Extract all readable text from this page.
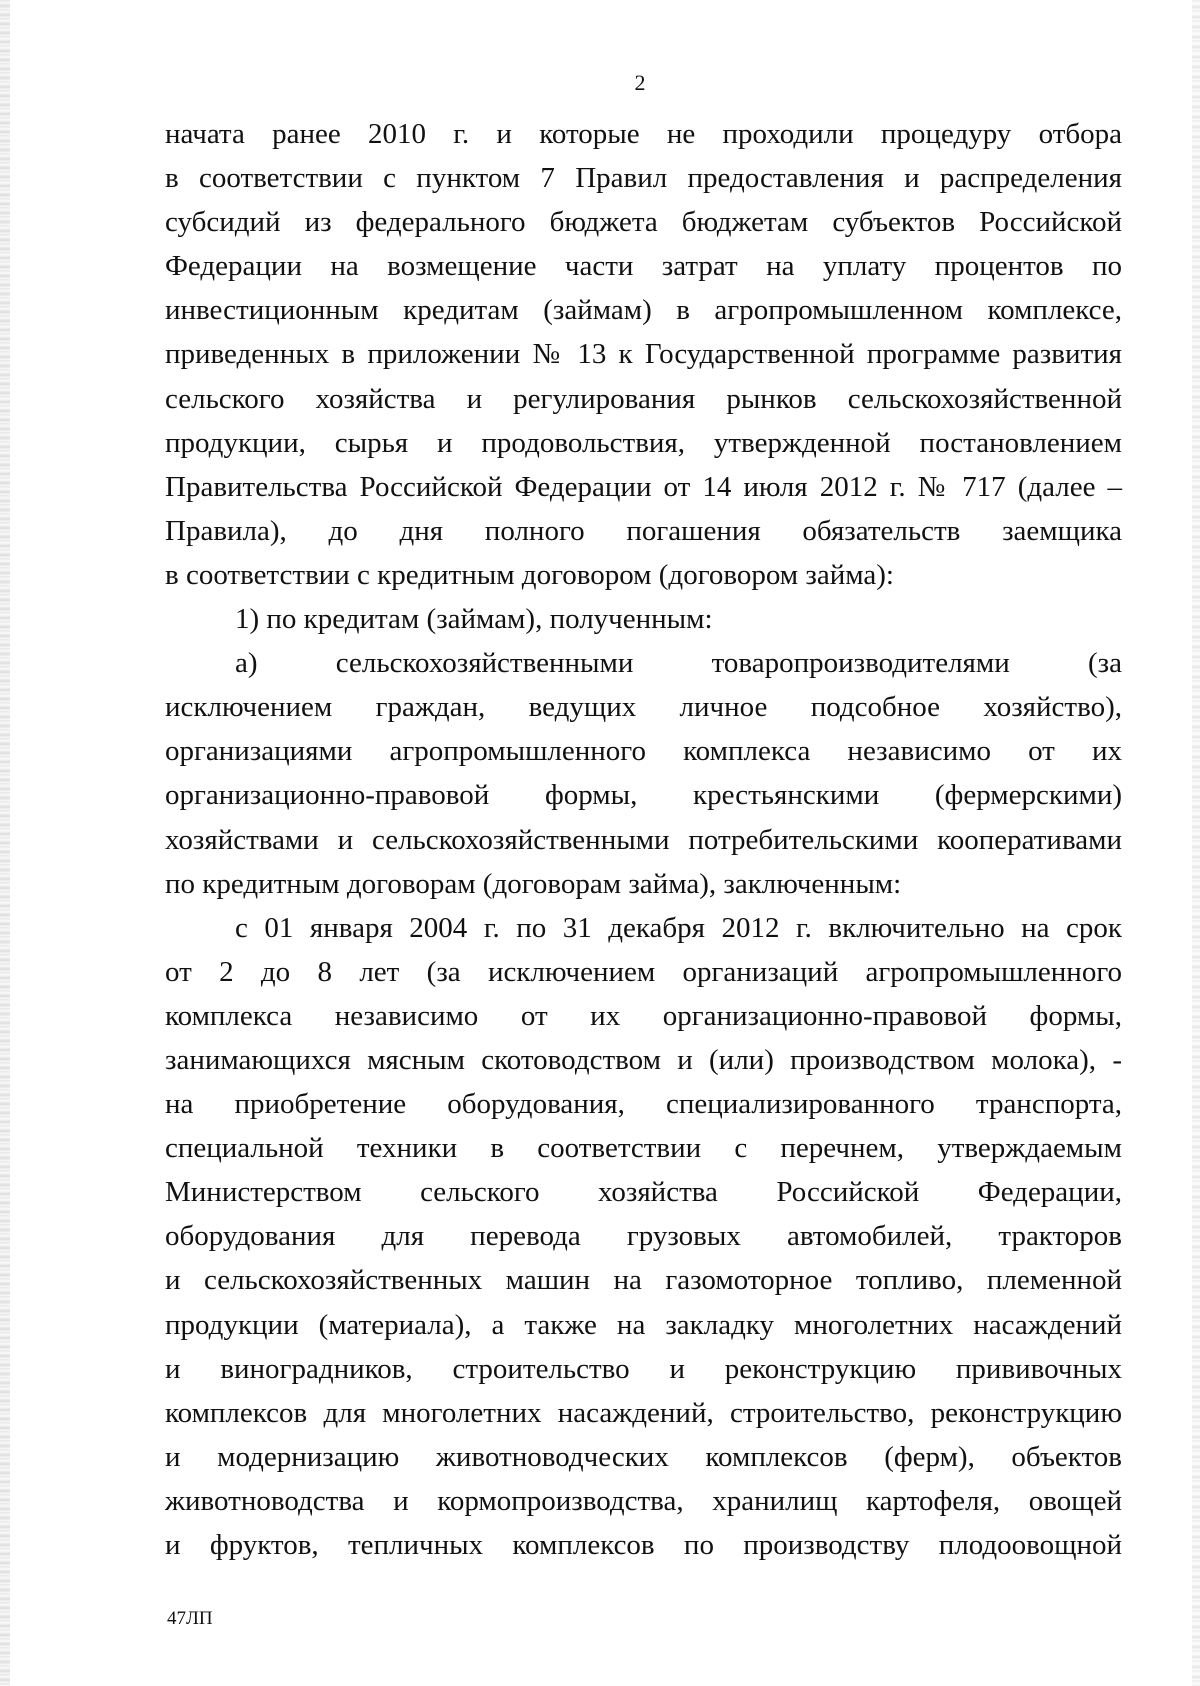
2
начата ранее 2010 г. и которые не проходили процедуру отбора
в соответствии с пунктом 7 Правил предоставления и распределения
субсидий из федерального бюджета бюджетам субъектов Российской
Федерации на возмещение части затрат на уплату процентов по
инвестиционным кредитам (займам) в агропромышленном комплексе,
приведенных в приложении № 13 к Государственной программе развития
сельского хозяйства и регулирования рынков сельскохозяйственной
продукции, сырья и продовольствия, утвержденной постановлением
Правительства Российской Федерации от 14 июля 2012 г. № 717 (далее –
Правила), до дня полного погашения обязательств заемщика
в соответствии с кредитным договором (договором займа):
1) по кредитам (займам), полученным:
а) сельскохозяйственными товаропроизводителями (за
исключением граждан, ведущих личное подсобное хозяйство),
организациями агропромышленного комплекса независимо от их
организационно-правовой формы, крестьянскими (фермерскими)
хозяйствами и сельскохозяйственными потребительскими кооперативами
по кредитным договорам (договорам займа), заключенным:
с 01 января 2004 г. по 31 декабря 2012 г. включительно на срок
от 2 до 8 лет (за исключением организаций агропромышленного
комплекса независимо от их организационно-правовой формы,
занимающихся мясным скотоводством и (или) производством молока), -
на приобретение оборудования, специализированного транспорта,
специальной техники в соответствии с перечнем, утверждаемым
Министерством сельского хозяйства Российской Федерации,
оборудования для перевода грузовых автомобилей, тракторов
и сельскохозяйственных машин на газомоторное топливо, племенной
продукции (материала), а также на закладку многолетних насаждений
и виноградников, строительство и реконструкцию прививочных
комплексов для многолетних насаждений, строительство, реконструкцию
и модернизацию животноводческих комплексов (ферм), объектов
животноводства и кормопроизводства, хранилищ картофеля, овощей
и фруктов, тепличных комплексов по производству плодоовощной
47ЛП
